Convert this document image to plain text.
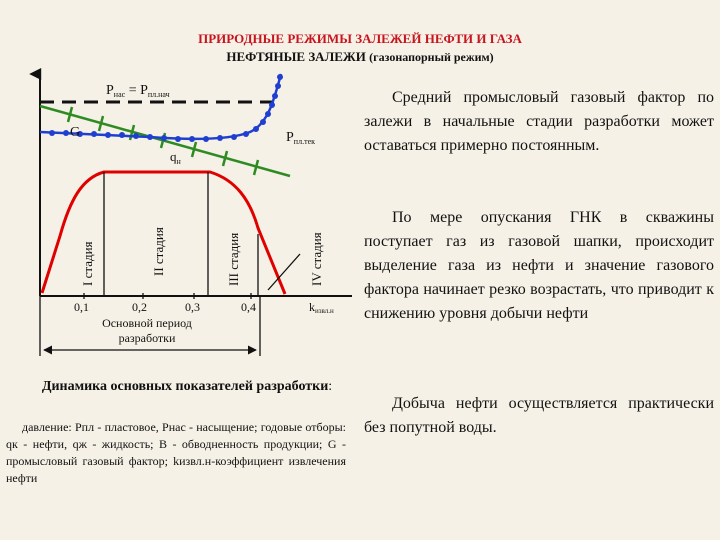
ПРИРОДНЫЕ РЕЖИМЫ ЗАЛЕЖЕЙ НЕФТИ И ГАЗА
НЕФТЯНЫЕ ЗАЛЕЖИ (газонапорный режим)
$P_{нас} = P_{пл.нач}$
G	$P_{пл.тек}$
$q_н$
I стадия	II стадия	III стадия	IV стадия
0,1	0,2	0,3	0,4	kизвл.н
Основной период
разработки
Средний промысловый газовый фактор по залежи в начальные стадии разработки может оставаться примерно постоянным.
По мере опускания ГНК в скважины поступает газ из газовой шапки, происходит выделение газа из нефти и значение газового фактора начинает резко возрастать, что приводит к снижению уровня добычи нефти
Добыча нефти осуществляется практически без попутной воды.
Динамика основных показателей разработки:
давление: Рпл - пластовое, Рнас - насыщение; годовые отборы: qк - нефти, qж - жидкость; В - обводненность продукции; G - промысловый газовый фактор; kизвл.н-коэффициент извлечения нефти
